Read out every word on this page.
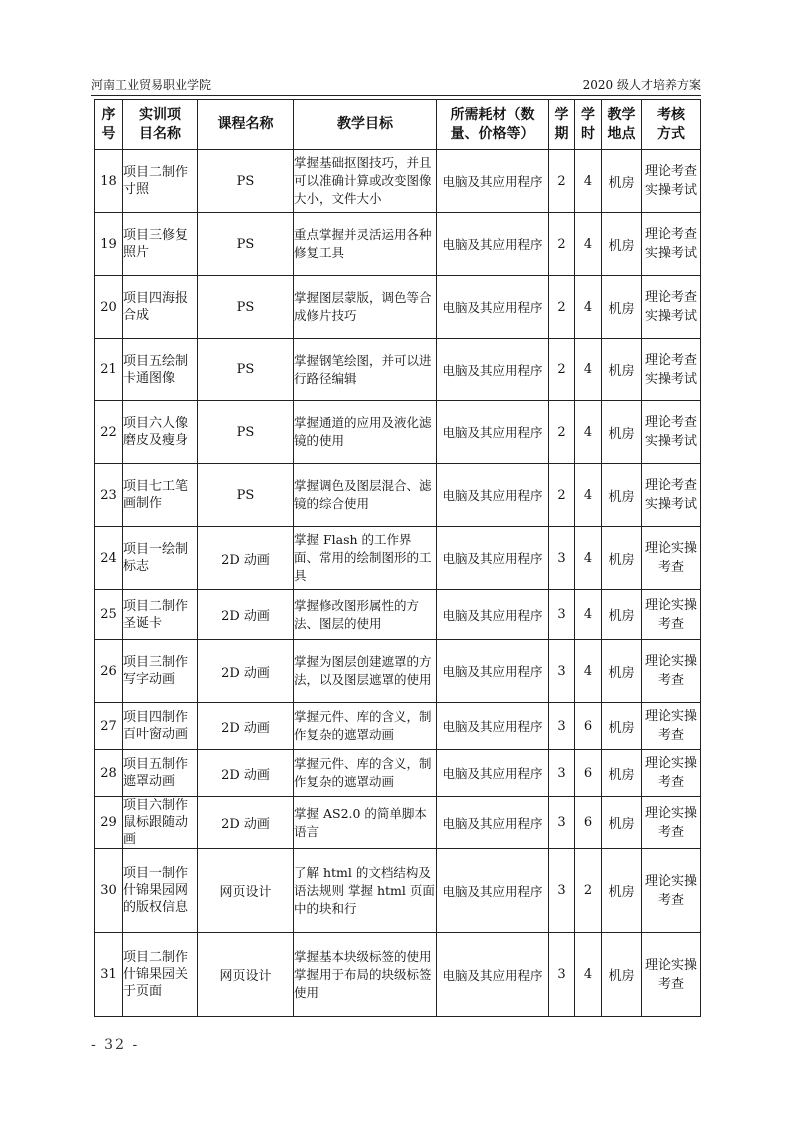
河南工业贸易职业学院	2020 级人才培养方案
序号	实训项目名称	课程名称	教学目标	所需耗材（数量、价格等）	学期	学时	教学地点	考核方式
18	项目二制作寸照	PS	掌握基础抠图技巧，并且可以准确计算或改变图像大小，文件大小	电脑及其应用程序	2	4	机房	理论考查实操考试
19	项目三修复照片	PS	重点掌握并灵活运用各种修复工具	电脑及其应用程序	2	4	机房	理论考查实操考试
20	项目四海报合成	PS	掌握图层蒙版，调色等合成修片技巧	电脑及其应用程序	2	4	机房	理论考查实操考试
21	项目五绘制卡通图像	PS	掌握钢笔绘图，并可以进行路径编辑	电脑及其应用程序	2	4	机房	理论考查实操考试
22	项目六人像磨皮及瘦身	PS	掌握通道的应用及液化滤镜的使用	电脑及其应用程序	2	4	机房	理论考查实操考试
23	项目七工笔画制作	PS	掌握调色及图层混合、滤镜的综合使用	电脑及其应用程序	2	4	机房	理论考查实操考试
24	项目一绘制标志	2D 动画	掌握 Flash 的工作界面、常用的绘制图形的工具	电脑及其应用程序	3	4	机房	理论实操考查
25	项目二制作圣诞卡	2D 动画	掌握修改图形属性的方法、图层的使用	电脑及其应用程序	3	4	机房	理论实操考查
26	项目三制作写字动画	2D 动画	掌握为图层创建遮罩的方法，以及图层遮罩的使用	电脑及其应用程序	3	4	机房	理论实操考查
27	项目四制作百叶窗动画	2D 动画	掌握元件、库的含义，制作复杂的遮罩动画	电脑及其应用程序	3	6	机房	理论实操考查
28	项目五制作遮罩动画	2D 动画	掌握元件、库的含义，制作复杂的遮罩动画	电脑及其应用程序	3	6	机房	理论实操考查
29	项目六制作鼠标跟随动画	2D 动画	掌握 AS2.0 的简单脚本语言	电脑及其应用程序	3	6	机房	理论实操考查
30	项目一制作什锦果园网的版权信息	网页设计	了解 html 的文档结构及语法规则 掌握 html 页面中的块和行	电脑及其应用程序	3	2	机房	理论实操考查
31	项目二制作什锦果园关于页面	网页设计	掌握基本块级标签的使用 掌握用于布局的块级标签使用	电脑及其应用程序	3	4	机房	理论实操考查
- 32 -
